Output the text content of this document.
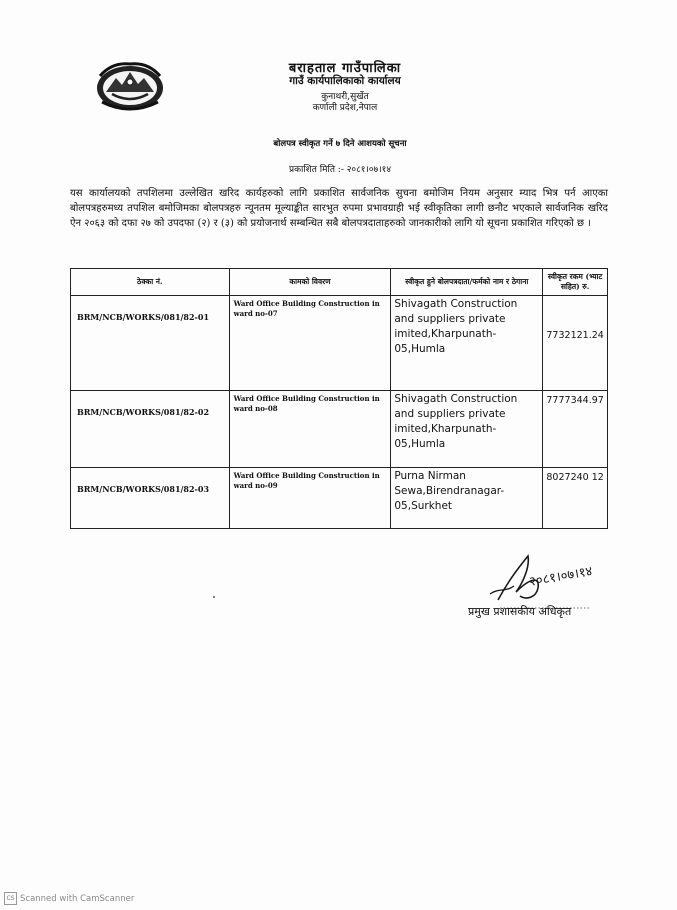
बराहताल गाउँपालिका
गाउँ कार्यपालिकाको कार्यालय
कुनाथरी,सुर्खेत
कर्णाली प्रदेश,नेपाल
बोलपत्र स्वीकृत गर्ने ७ दिने आशयको सूचना
प्रकाशित मिति :- २०८१।०७।१४

यस कार्यालयको तपशिलमा उल्लेखित खरिद कार्यहरुको लागि प्रकाशित सार्वजनिक सुचना बमोजिम नियम अनुसार म्याद भित्र पर्न आएका बोलपत्रहरुमध्य तपशिल बमोजिमका बोलपत्रहरु न्यूनतम मूल्याङ्कीत सारभुत रुपमा प्रभावग्राही भई स्वीकृतिका लागी छनौट भएकाले सार्वजनिक खरिद ऐन २०६३ को दफा २७ को उपदफा (२) र (३) को प्रयोजनार्थ सम्बन्धित सबै बोलपत्रदाताहरुको जानकारीको लागि यो सूचना प्रकाशित गरिएको छ ।

ठेक्का नं.	कामको विवरण	स्वीकृत हुने बोलपत्रदाता/फर्मको नाम र ठेगाना	स्वीकृत रकम (भ्याट सहित) रु.
BRM/NCB/WORKS/081/82-01	Ward Office Building Construction in ward no-07	Shivagath Construction and suppliers private imited,Kharpunath-05,Humla	7732121.24
BRM/NCB/WORKS/081/82-02	Ward Office Building Construction in ward no-08	Shivagath Construction and suppliers private imited,Kharpunath-05,Humla	7777344.97
BRM/NCB/WORKS/081/82-03	Ward Office Building Construction in ward no-09	Purna Nirman Sewa,Birendranagar-05,Surkhet	8027240 12
२०८१।०७।१४
प्रमुख प्रशासकीय अधिकृत
CS Scanned with CamScanner
